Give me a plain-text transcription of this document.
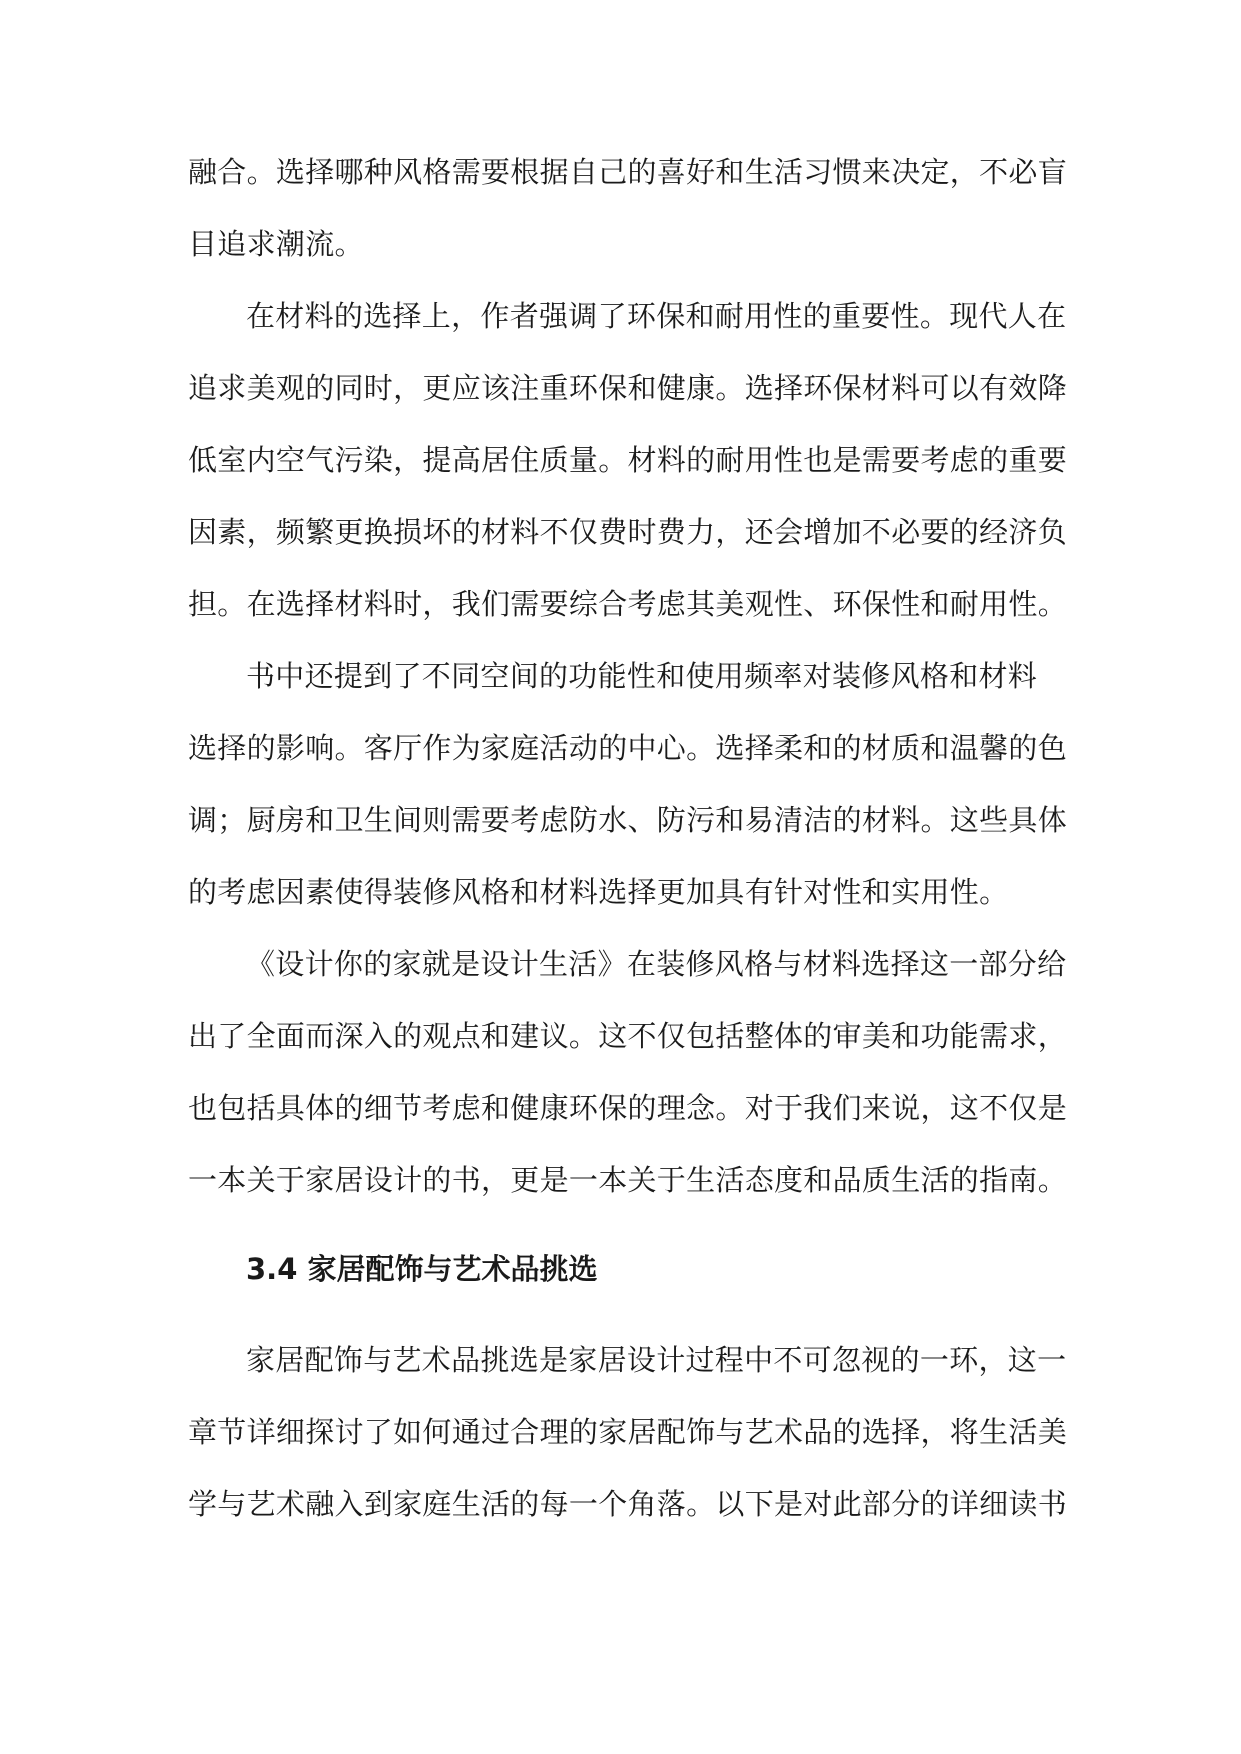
融合。选择哪种风格需要根据自己的喜好和生活习惯来决定，不必盲
目追求潮流。
在材料的选择上，作者强调了环保和耐用性的重要性。现代人在
追求美观的同时，更应该注重环保和健康。选择环保材料可以有效降
低室内空气污染，提高居住质量。材料的耐用性也是需要考虑的重要
因素，频繁更换损坏的材料不仅费时费力，还会增加不必要的经济负
担。在选择材料时，我们需要综合考虑其美观性、环保性和耐用性。
书中还提到了不同空间的功能性和使用频率对装修风格和材料
选择的影响。客厅作为家庭活动的中心。选择柔和的材质和温馨的色
调；厨房和卫生间则需要考虑防水、防污和易清洁的材料。这些具体
的考虑因素使得装修风格和材料选择更加具有针对性和实用性。
《设计你的家就是设计生活》在装修风格与材料选择这一部分给
出了全面而深入的观点和建议。这不仅包括整体的审美和功能需求，
也包括具体的细节考虑和健康环保的理念。对于我们来说，这不仅是
一本关于家居设计的书，更是一本关于生活态度和品质生活的指南。
3.4 家居配饰与艺术品挑选
家居配饰与艺术品挑选是家居设计过程中不可忽视的一环，这一
章节详细探讨了如何通过合理的家居配饰与艺术品的选择，将生活美
学与艺术融入到家庭生活的每一个角落。以下是对此部分的详细读书
